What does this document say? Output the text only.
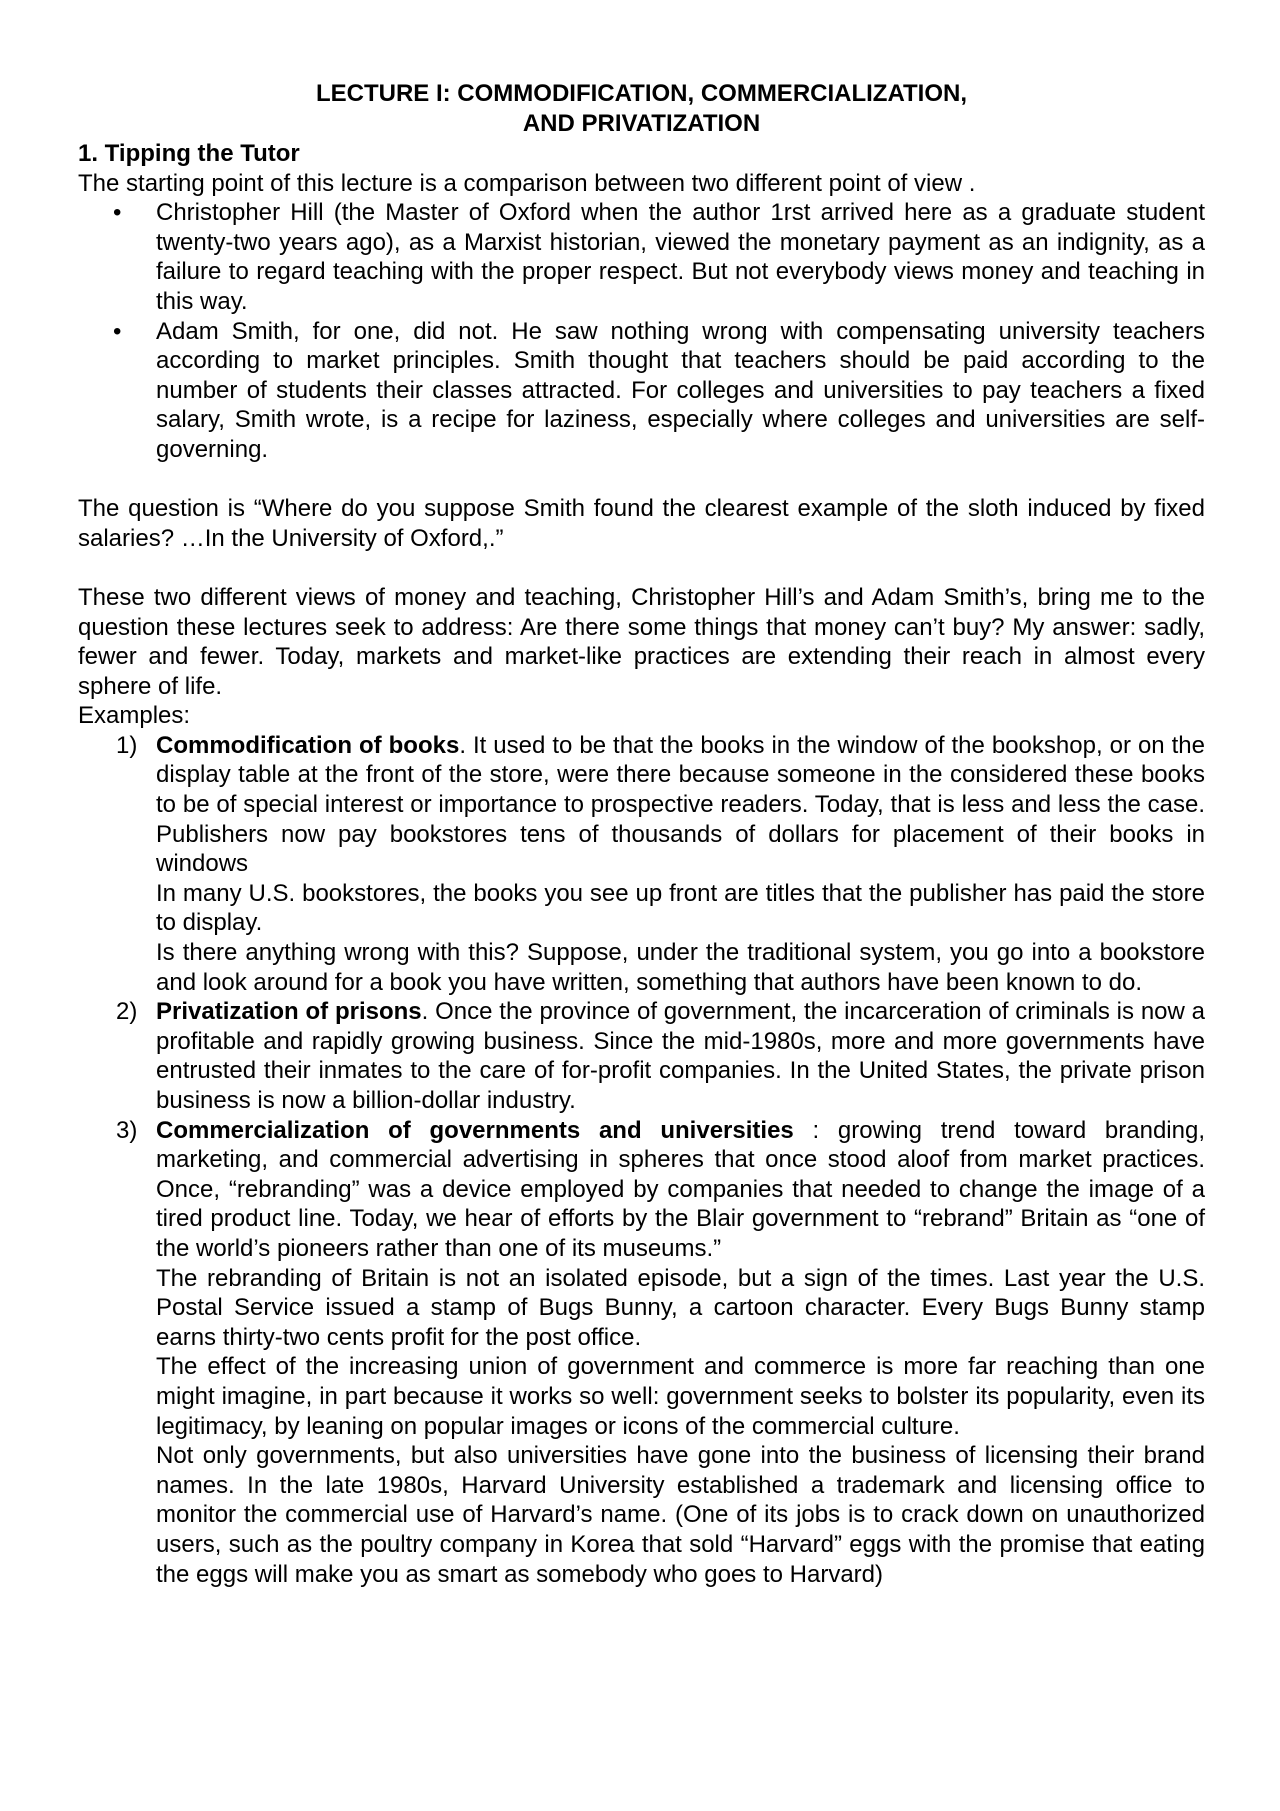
LECTURE I: COMMODIFICATION, COMMERCIALIZATION,
AND PRIVATIZATION
1. Tipping the Tutor

The starting point of this lecture is a comparison between two different point of view .

•	Christopher Hill (the Master of Oxford when the author 1rst arrived here as a graduate student twenty-two years ago), as a Marxist historian, viewed the monetary payment as an indignity, as a failure to regard teaching with the proper respect. But not everybody views money and teaching in this way.
•	Adam Smith, for one, did not. He saw nothing wrong with compensating university teachers according to market principles. Smith thought that teachers should be paid according to the number of students their classes attracted. For colleges and universities to pay teachers a fixed salary, Smith wrote, is a recipe for laziness, especially where colleges and universities are self-governing.

The question is “Where do you suppose Smith found the clearest example of the sloth induced by fixed salaries? …In the University of Oxford,.”

These two different views of money and teaching, Christopher Hill’s and Adam Smith’s, bring me to the question these lectures seek to address: Are there some things that money can’t buy? My answer: sadly, fewer and fewer. Today, markets and market-like practices are extending their reach in almost every sphere of life.

Examples:
1) Commodification of books. It used to be that the books in the window of the bookshop, or on the display table at the front of the store, were there because someone in the considered these books to be of special interest or importance to prospective readers. Today, that is less and less the case. Publishers now pay bookstores tens of thousands of dollars for placement of their books in windows
In many U.S. bookstores, the books you see up front are titles that the publisher has paid the store to display.
Is there anything wrong with this? Suppose, under the traditional system, you go into a bookstore and look around for a book you have written, something that authors have been known to do.
2) Privatization of prisons. Once the province of government, the incarceration of criminals is now a profitable and rapidly growing business. Since the mid-1980s, more and more governments have entrusted their inmates to the care of for-profit companies. In the United States, the private prison business is now a billion-dollar industry.
3) Commercialization of governments and universities : growing trend toward branding, marketing, and commercial advertising in spheres that once stood aloof from market practices. Once, “rebranding” was a device employed by companies that needed to change the image of a tired product line. Today, we hear of efforts by the Blair government to “rebrand” Britain as “one of the world’s pioneers rather than one of its museums.”
The rebranding of Britain is not an isolated episode, but a sign of the times. Last year the U.S. Postal Service issued a stamp of Bugs Bunny, a cartoon character. Every Bugs Bunny stamp earns thirty-two cents profit for the post office.
The effect of the increasing union of government and commerce is more far reaching than one might imagine, in part because it works so well: government seeks to bolster its popularity, even its legitimacy, by leaning on popular images or icons of the commercial culture.
Not only governments, but also universities have gone into the business of licensing their brand names. In the late 1980s, Harvard University established a trademark and licensing office to monitor the commercial use of Harvard’s name. (One of its jobs is to crack down on unauthorized users, such as the poultry company in Korea that sold “Harvard” eggs with the promise that eating the eggs will make you as smart as somebody who goes to Harvard)
